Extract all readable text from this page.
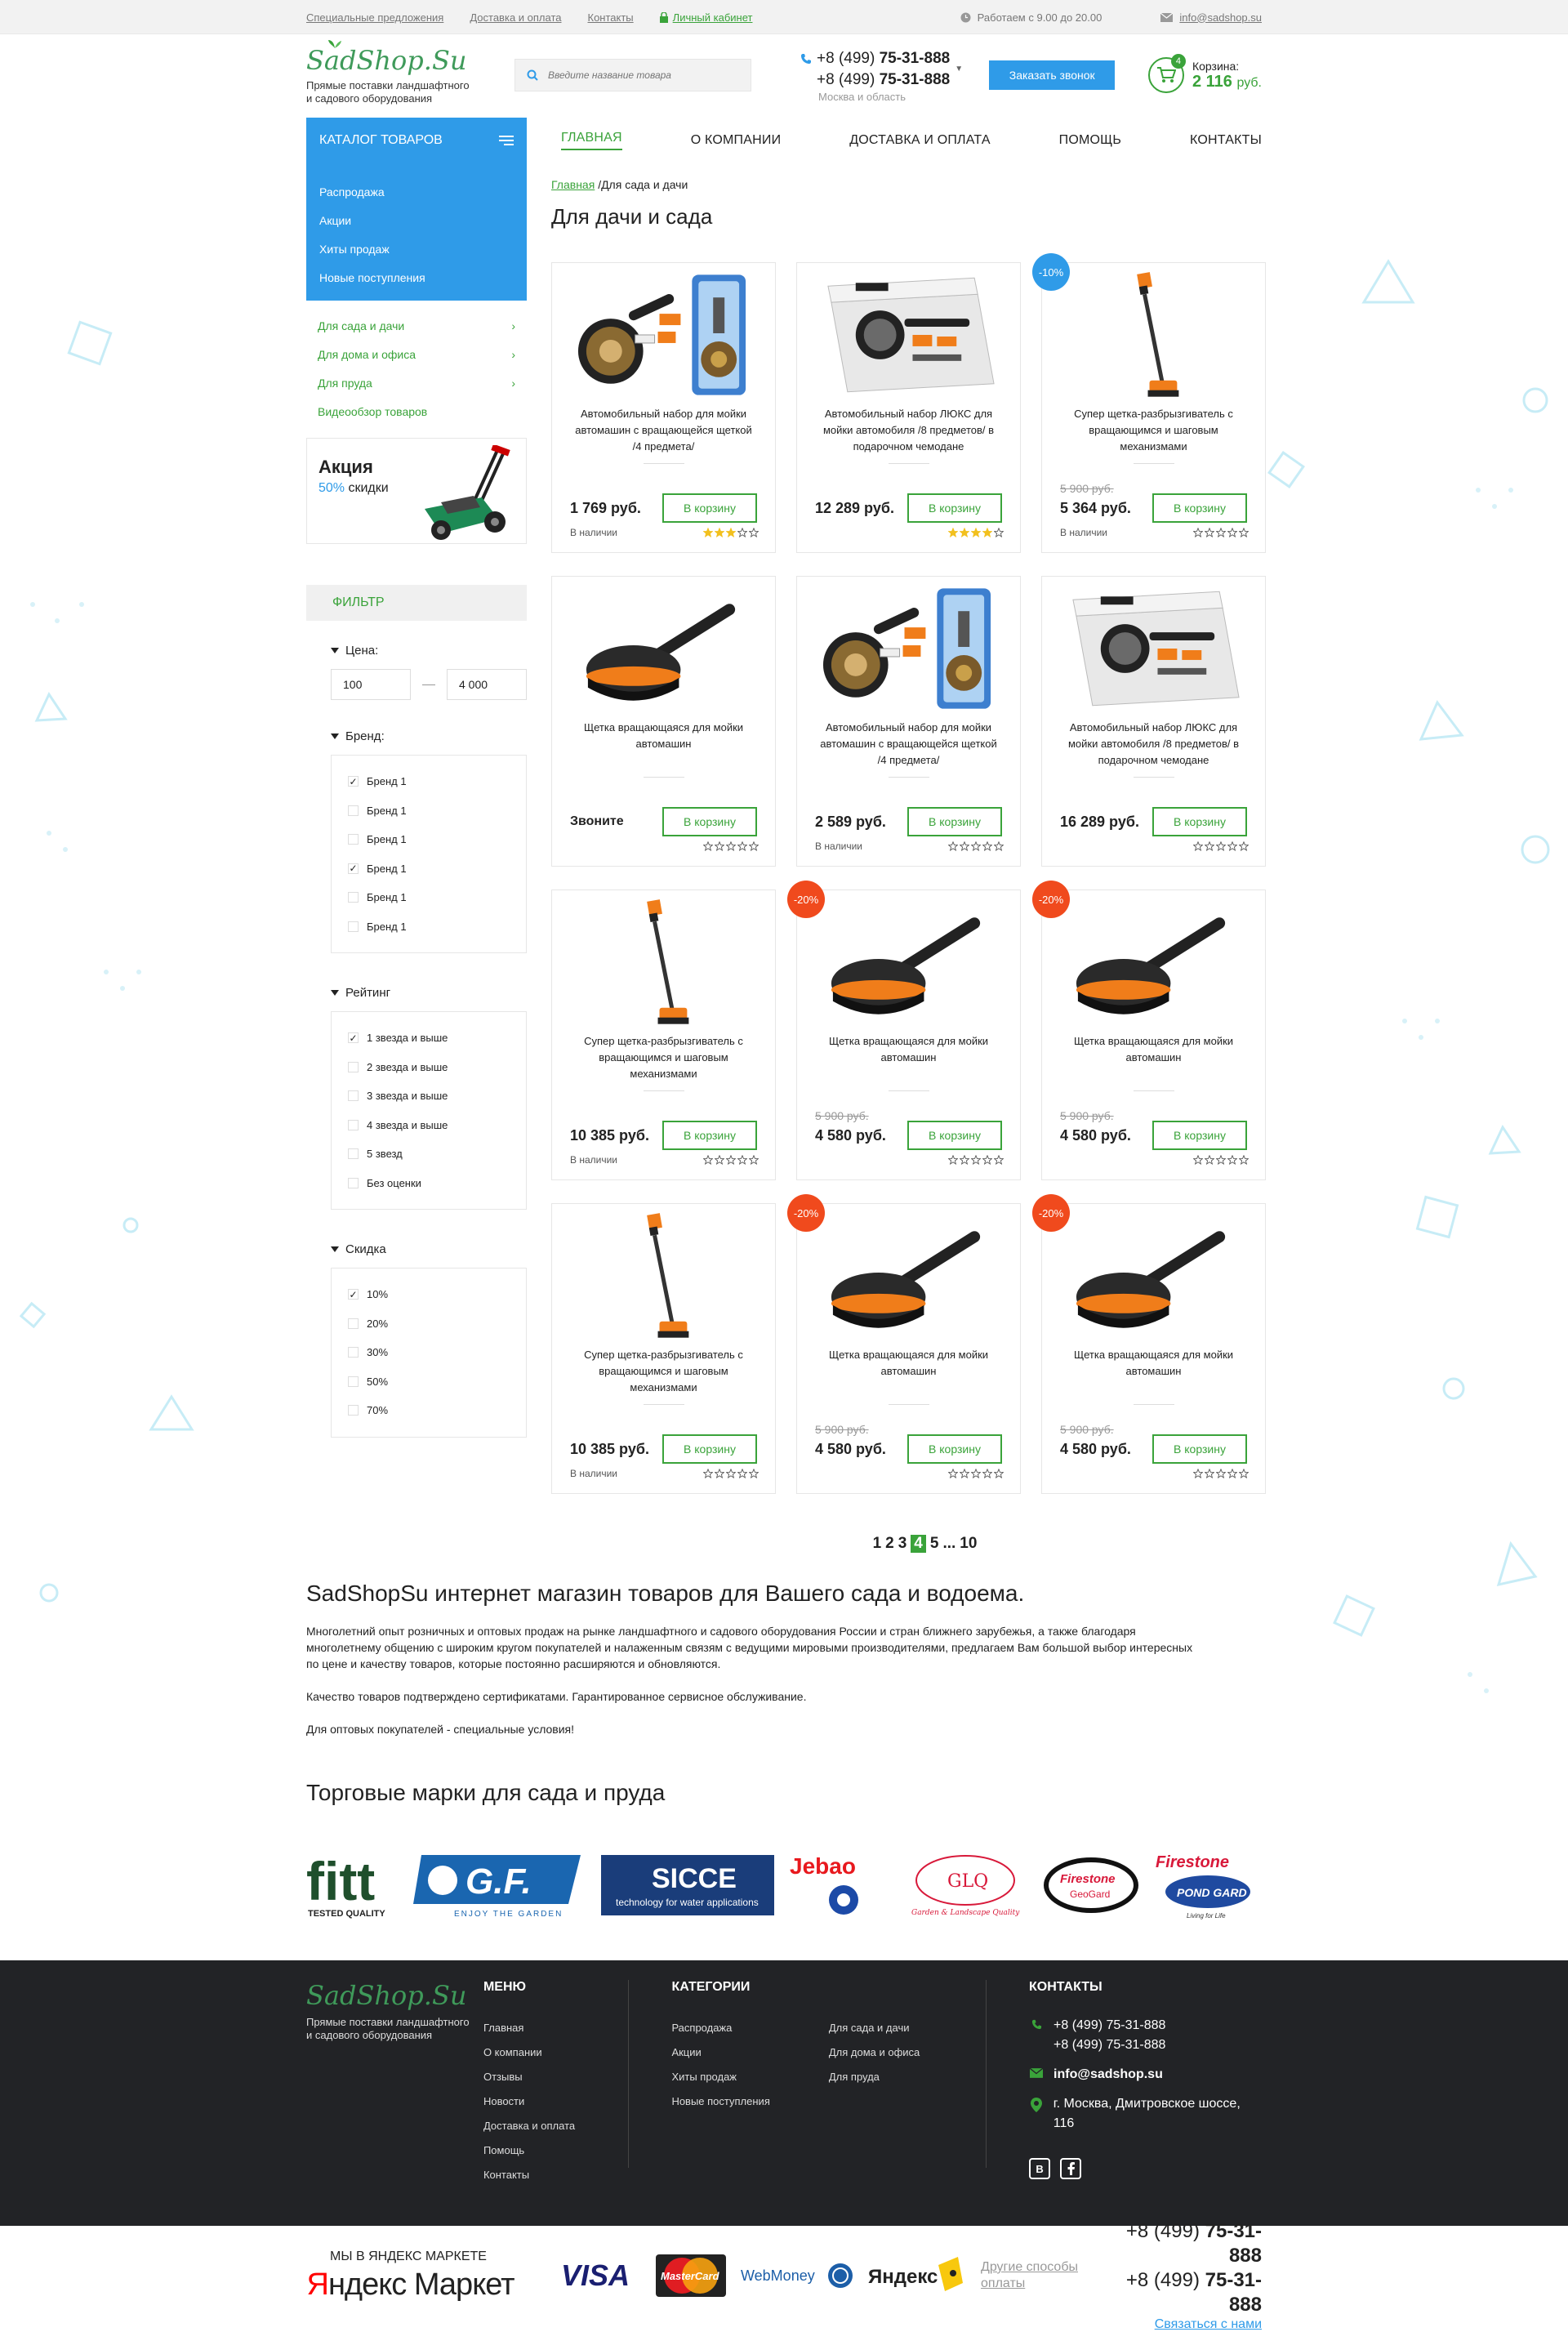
Специальные предложения Доставка и оплата Контакты	Личный кабинет	Работаем с 9.00 до 20.00	info@sadshop.su
SadShop.Su
Прямые поставки ландшафтного
и садового оборудования
Введите название товара
+8 (499) 75-31-888
+8 (499) 75-31-888
Москва и область
▼	Заказать звонок
4 Корзина:
2 116 руб.
КАТАЛОГ ТОВАРОВ	ГЛАВНАЯ	О КОМПАНИИ	ДОСТАВКА И ОПЛАТА	ПОМОЩЬ	КОНТАКТЫ
Распродажа
Акции
Хиты продаж
Новые поступления
Для сада и дачи	›
Для дома и офиса	›
Для пруда	›
Видеообзор товаров
Акция
50% скидки
ФИЛЬТР
Цена:
100
4 000
Бренд:
✓ Бренд 1
Бренд 1
Бренд 1
✓ Бренд 1
Бренд 1
Бренд 1
Рейтинг
✓ 1 звезда и выше
2 звезда и выше
3 звезда и выше
4 звезда и выше
5 звезд
Без оценки
Скидка
✓ 10%
20%
30%
50%
70%
Главная /Для сада и дачи
Для дачи и сада
Автомобильный набор для мойки автомашин с вращающейся щеткой /4 предмета/
1 769 руб.	В корзину
В наличии
Автомобильный набор ЛЮКС для мойки автомобиля /8 предметов/ в подарочном чемодане
12 289 руб.	В корзину
-10%
Супер щетка-разбрызгиватель с вращающимся и шаговым механизмами
5 900 руб.
5 364 руб.	В корзину
В наличии
Щетка вращающаяся для мойки автомашин
Звоните	В корзину
Автомобильный набор для мойки автомашин с вращающейся щеткой /4 предмета/
2 589 руб.	В корзину
В наличии
Автомобильный набор ЛЮКС для мойки автомобиля /8 предметов/ в подарочном чемодане
16 289 руб.	В корзину
Супер щетка-разбрызгиватель с вращающимся и шаговым механизмами
10 385 руб.	В корзину
В наличии
-20%
Щетка вращающаяся для мойки автомашин
5 900 руб.
4 580 руб.	В корзину
-20%
Щетка вращающаяся для мойки автомашин
5 900 руб.
4 580 руб.	В корзину
Супер щетка-разбрызгиватель с вращающимся и шаговым механизмами
10 385 руб.	В корзину
В наличии
-20%
Щетка вращающаяся для мойки автомашин
5 900 руб.
4 580 руб.	В корзину
-20%
Щетка вращающаяся для мойки автомашин
5 900 руб.
4 580 руб.	В корзину
1 2 3 4 5 ... 10
SadShopSu интернет магазин товаров для Вашего сада и водоема.

Многолетний опыт розничных и оптовых продаж на рынке ландшафтного и садового оборудования России и стран ближнего зарубежья, а также благодаря многолетнему общению с широким кругом покупателей и налаженным связям с ведущими мировыми производителями, предлагаем Вам большой выбор интересных по цене и качеству товаров, которые постоянно расширяются и обновляются.

Качество товаров подтверждено сертификатами. Гарантированное сервисное обслуживание.

Для оптовых покупателей - специальные условия!

Торговые марки для сада и пруда
fitt
TESTED QUALITY
G.F.
ENJOY THE GARDEN
SICCE
technology for water applications
Jebao
GLQ
Garden & Landscape Quality
Firestone
GeoGard
Firestone
POND GARD
Living for Life
SadShop.Su
Прямые поставки ландшафтного
и садового оборудования
МЕНЮ
Главная
О компании
Отзывы
Новости
Доставка и оплата
Помощь
Контакты
КАТЕГОРИИ
Распродажа
Акции
Хиты продаж
Новые поступления
Для сада и дачи
Для дома и офиса
Для пруда
КОНТАКТЫ
+8 (499) 75-31-888
+8 (499) 75-31-888
info@sadshop.su
г. Москва, Дмитровское шоссе, 116
B
МЫ В ЯНДЕКС МАРКЕТЕ
Яндекс Маркет VISA	MasterCard WebMoney	Яндекс	Другие способы оплаты
+8 (499) 75-31-888
+8 (499) 75-31-888
Связаться с нами
